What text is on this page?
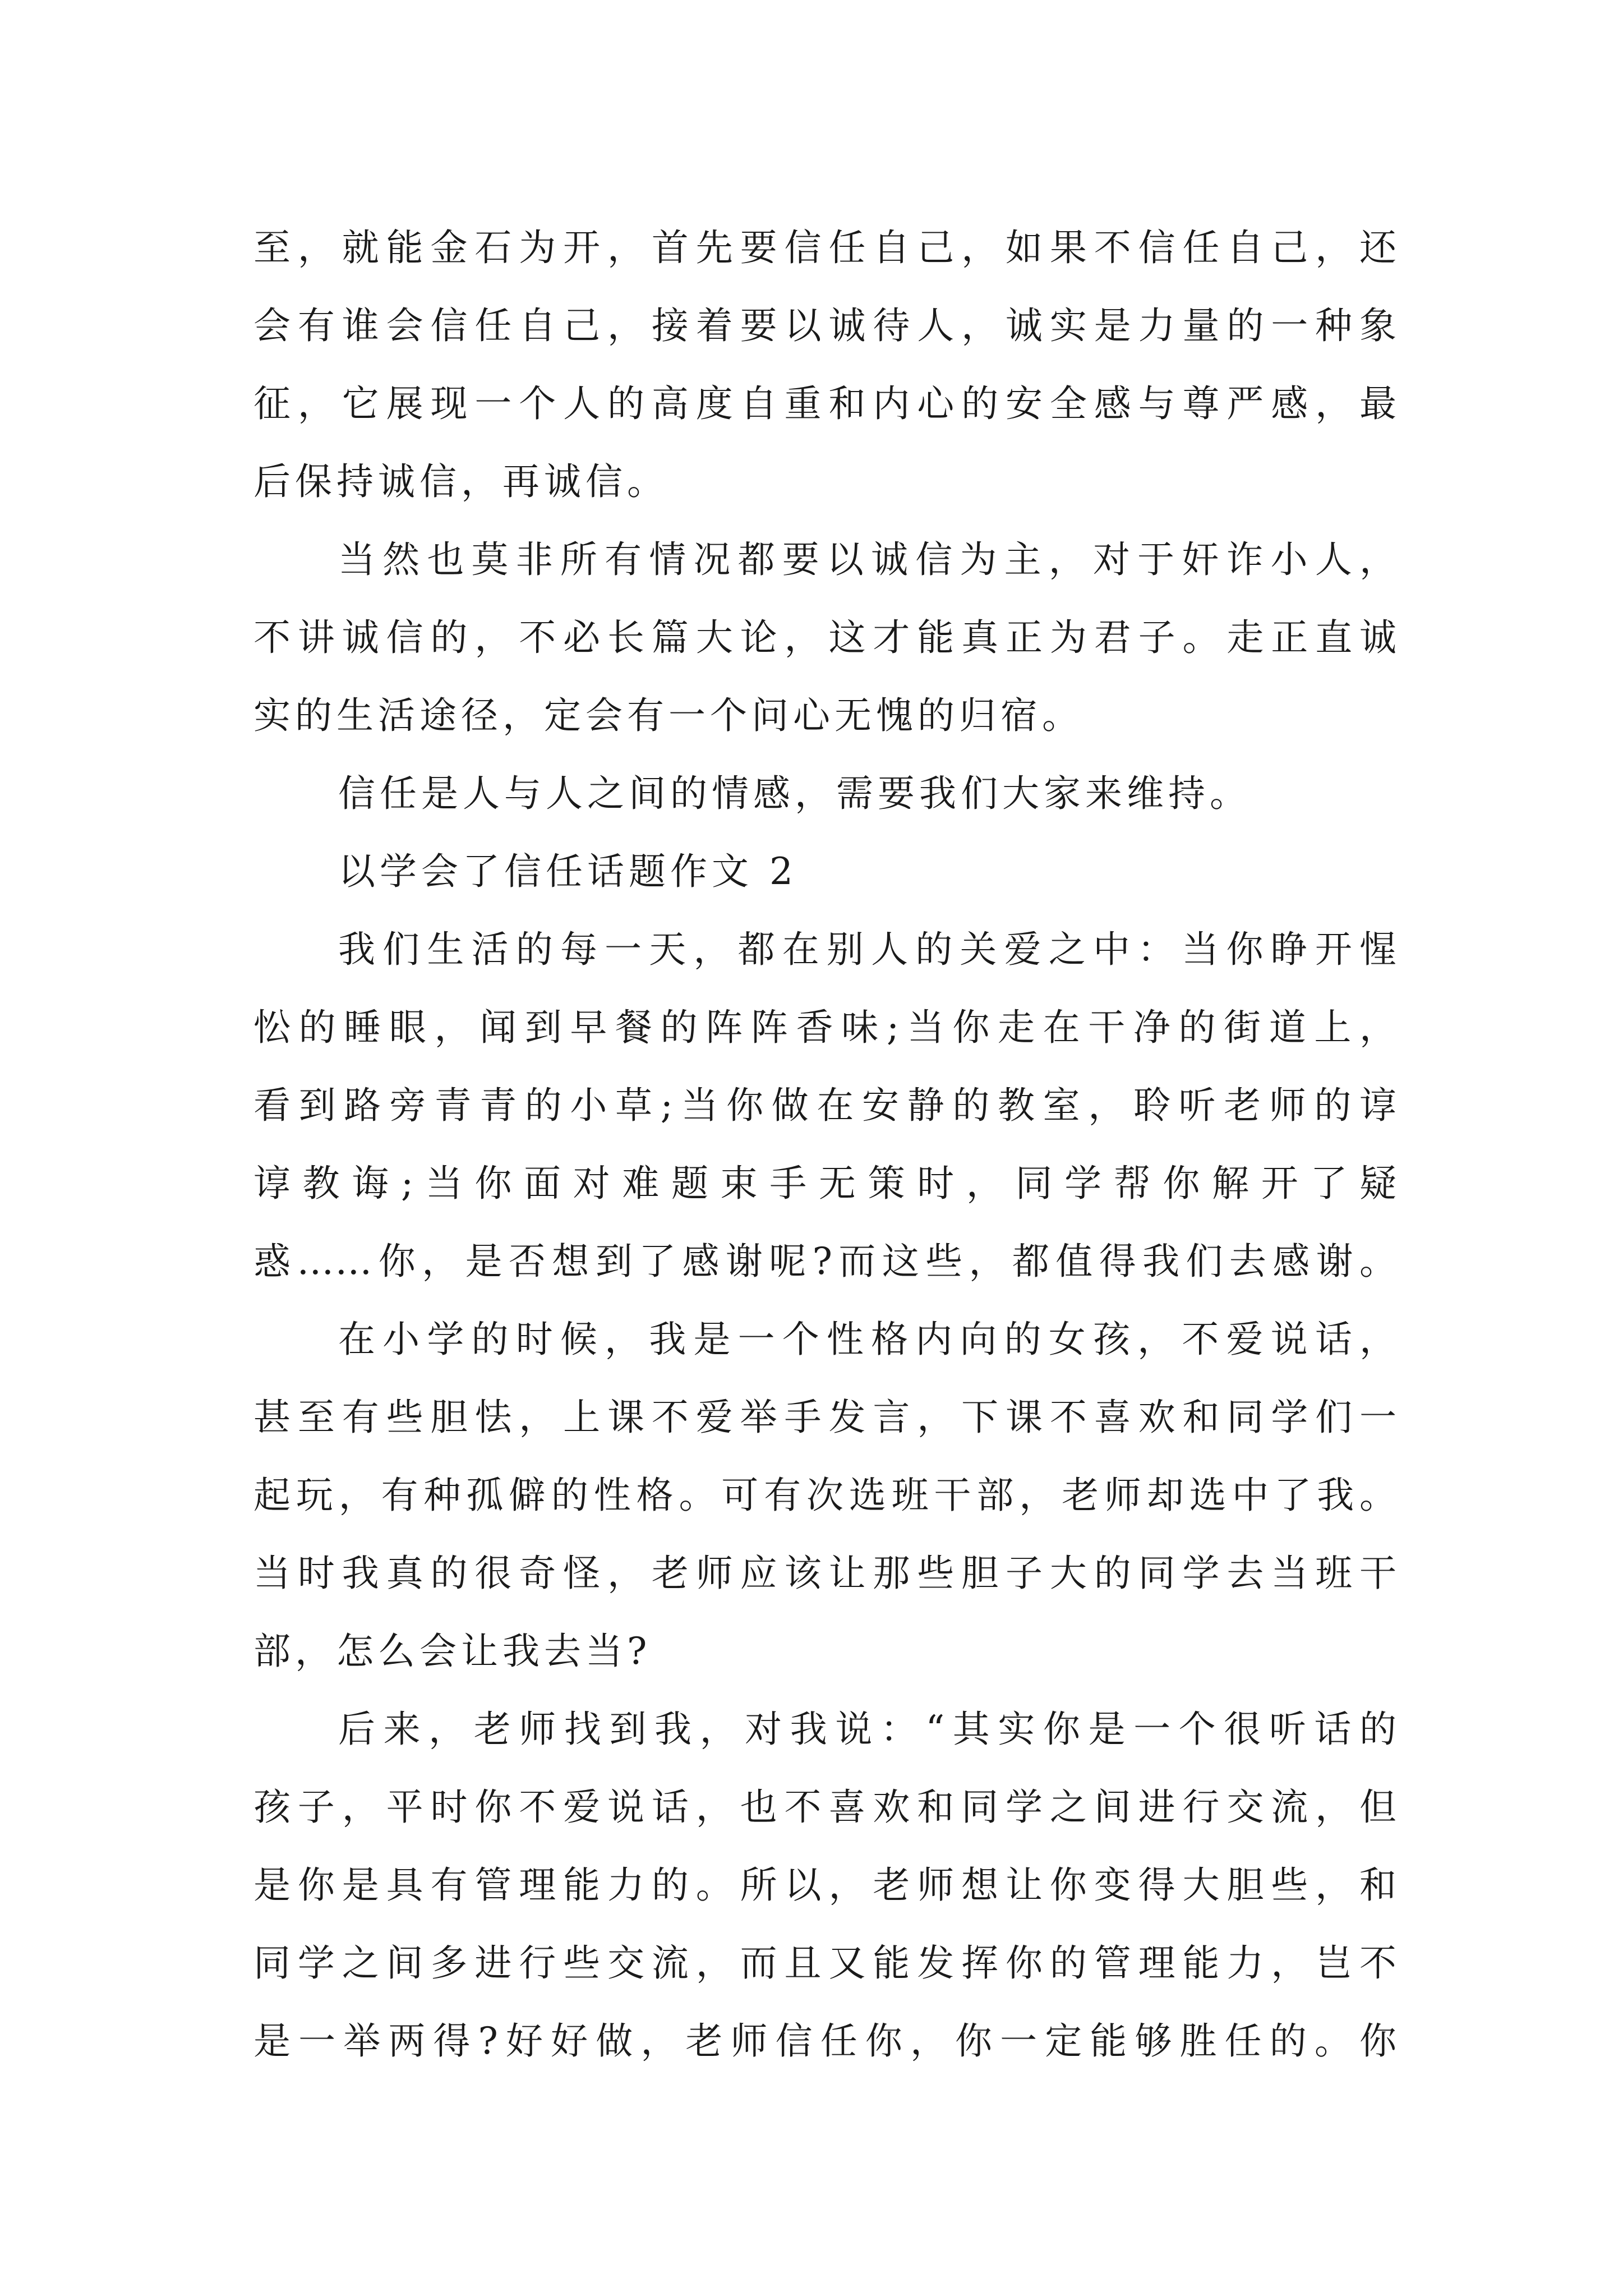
至，就能金石为开，首先要信任自己，如果不信任自己，还
会有谁会信任自己，接着要以诚待人，诚实是力量的一种象
征，它展现一个人的高度自重和内心的安全感与尊严感，最
后保持诚信，再诚信。
当然也莫非所有情况都要以诚信为主，对于奸诈小人，
不讲诚信的，不必长篇大论，这才能真正为君子。走正直诚
实的生活途径，定会有一个问心无愧的归宿。
信任是人与人之间的情感，需要我们大家来维持。
以学会了信任话题作文 2
我们生活的每一天，都在别人的关爱之中：当你睁开惺
忪的睡眼，闻到早餐的阵阵香味;当你走在干净的街道上，
看到路旁青青的小草;当你做在安静的教室，聆听老师的谆
谆教诲;当你面对难题束手无策时，同学帮你解开了疑
惑……你，是否想到了感谢呢?而这些，都值得我们去感谢。
在小学的时候，我是一个性格内向的女孩，不爱说话，
甚至有些胆怯，上课不爱举手发言，下课不喜欢和同学们一
起玩，有种孤僻的性格。可有次选班干部，老师却选中了我。
当时我真的很奇怪，老师应该让那些胆子大的同学去当班干
部，怎么会让我去当?
后来，老师找到我，对我说：“其实你是一个很听话的
孩子，平时你不爱说话，也不喜欢和同学之间进行交流，但
是你是具有管理能力的。所以，老师想让你变得大胆些，和
同学之间多进行些交流，而且又能发挥你的管理能力，岂不
是一举两得?好好做，老师信任你，你一定能够胜任的。你
